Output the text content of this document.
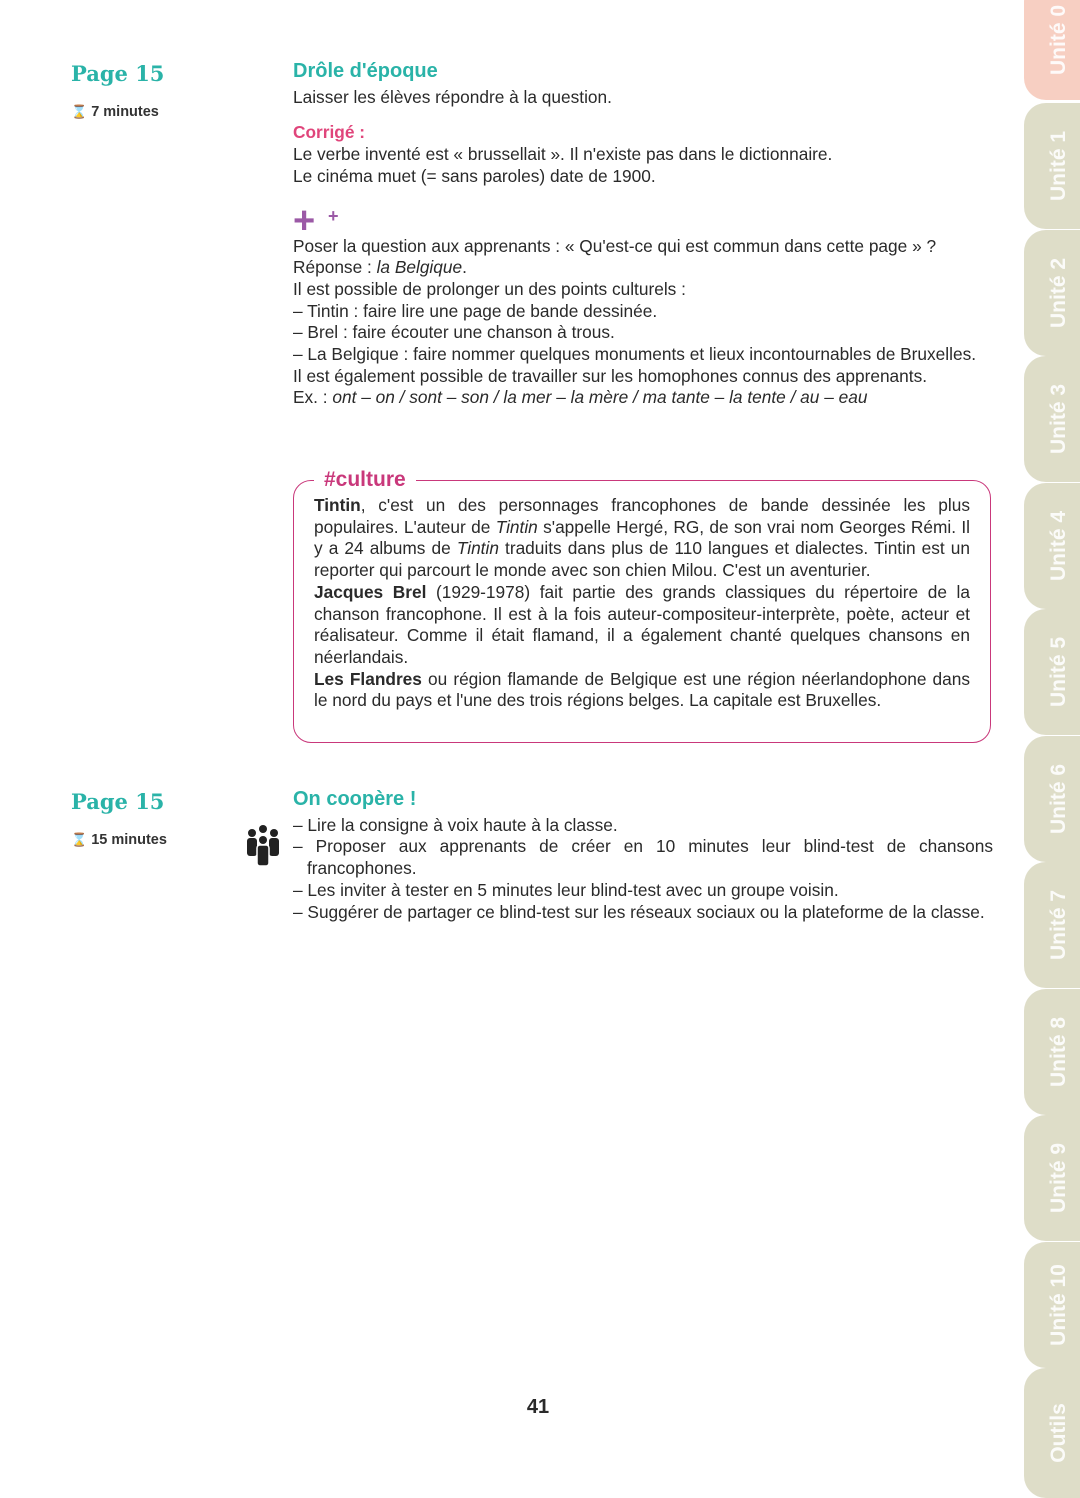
Page 15
⌛ 7 minutes
Drôle d'époque

Laisser les élèves répondre à la question.

Corrigé :

Le verbe inventé est « brussellait ». Il n'existe pas dans le dictionnaire.

Le cinéma muet (= sans paroles) date de 1900.

+ +

Poser la question aux apprenants : « Qu'est-ce qui est commun dans cette page » ?

Réponse : la Belgique.

Il est possible de prolonger un des points culturels :

– Tintin : faire lire une page de bande dessinée.

– Brel : faire écouter une chanson à trous.

– La Belgique : faire nommer quelques monuments et lieux incontournables de Bruxelles.

Il est également possible de travailler sur les homophones connus des apprenants.

Ex. : ont – on / sont – son / la mer – la mère / ma tante – la tente / au – eau

#culture

Tintin, c'est un des personnages francophones de bande dessinée les plus populaires. L'auteur de Tintin s'appelle Hergé, RG, de son vrai nom Georges Rémi. Il y a 24 albums de Tintin traduits dans plus de 110 langues et dialectes. Tintin est un reporter qui parcourt le monde avec son chien Milou. C'est un aventurier.

Jacques Brel (1929-1978) fait partie des grands classiques du répertoire de la chanson francophone. Il est à la fois auteur-compositeur-interprète, poète, acteur et réalisateur. Comme il était flamand, il a également chanté quelques chansons en néerlandais.

Les Flandres ou région flamande de Belgique est une région néerlandophone dans le nord du pays et l'une des trois régions belges. La capitale est Bruxelles.

Page 15
⌛ 15 minutes
On coopère !

– Lire la consigne à voix haute à la classe.

– Proposer aux apprenants de créer en 10 minutes leur blind-test de chansons francophones.

– Les inviter à tester en 5 minutes leur blind-test avec un groupe voisin.

– Suggérer de partager ce blind-test sur les réseaux sociaux ou la plateforme de la classe.

41
Unité 0
Unité 1
Unité 2
Unité 3
Unité 4
Unité 5
Unité 6
Unité 7
Unité 8
Unité 9
Unité 10
Outils
